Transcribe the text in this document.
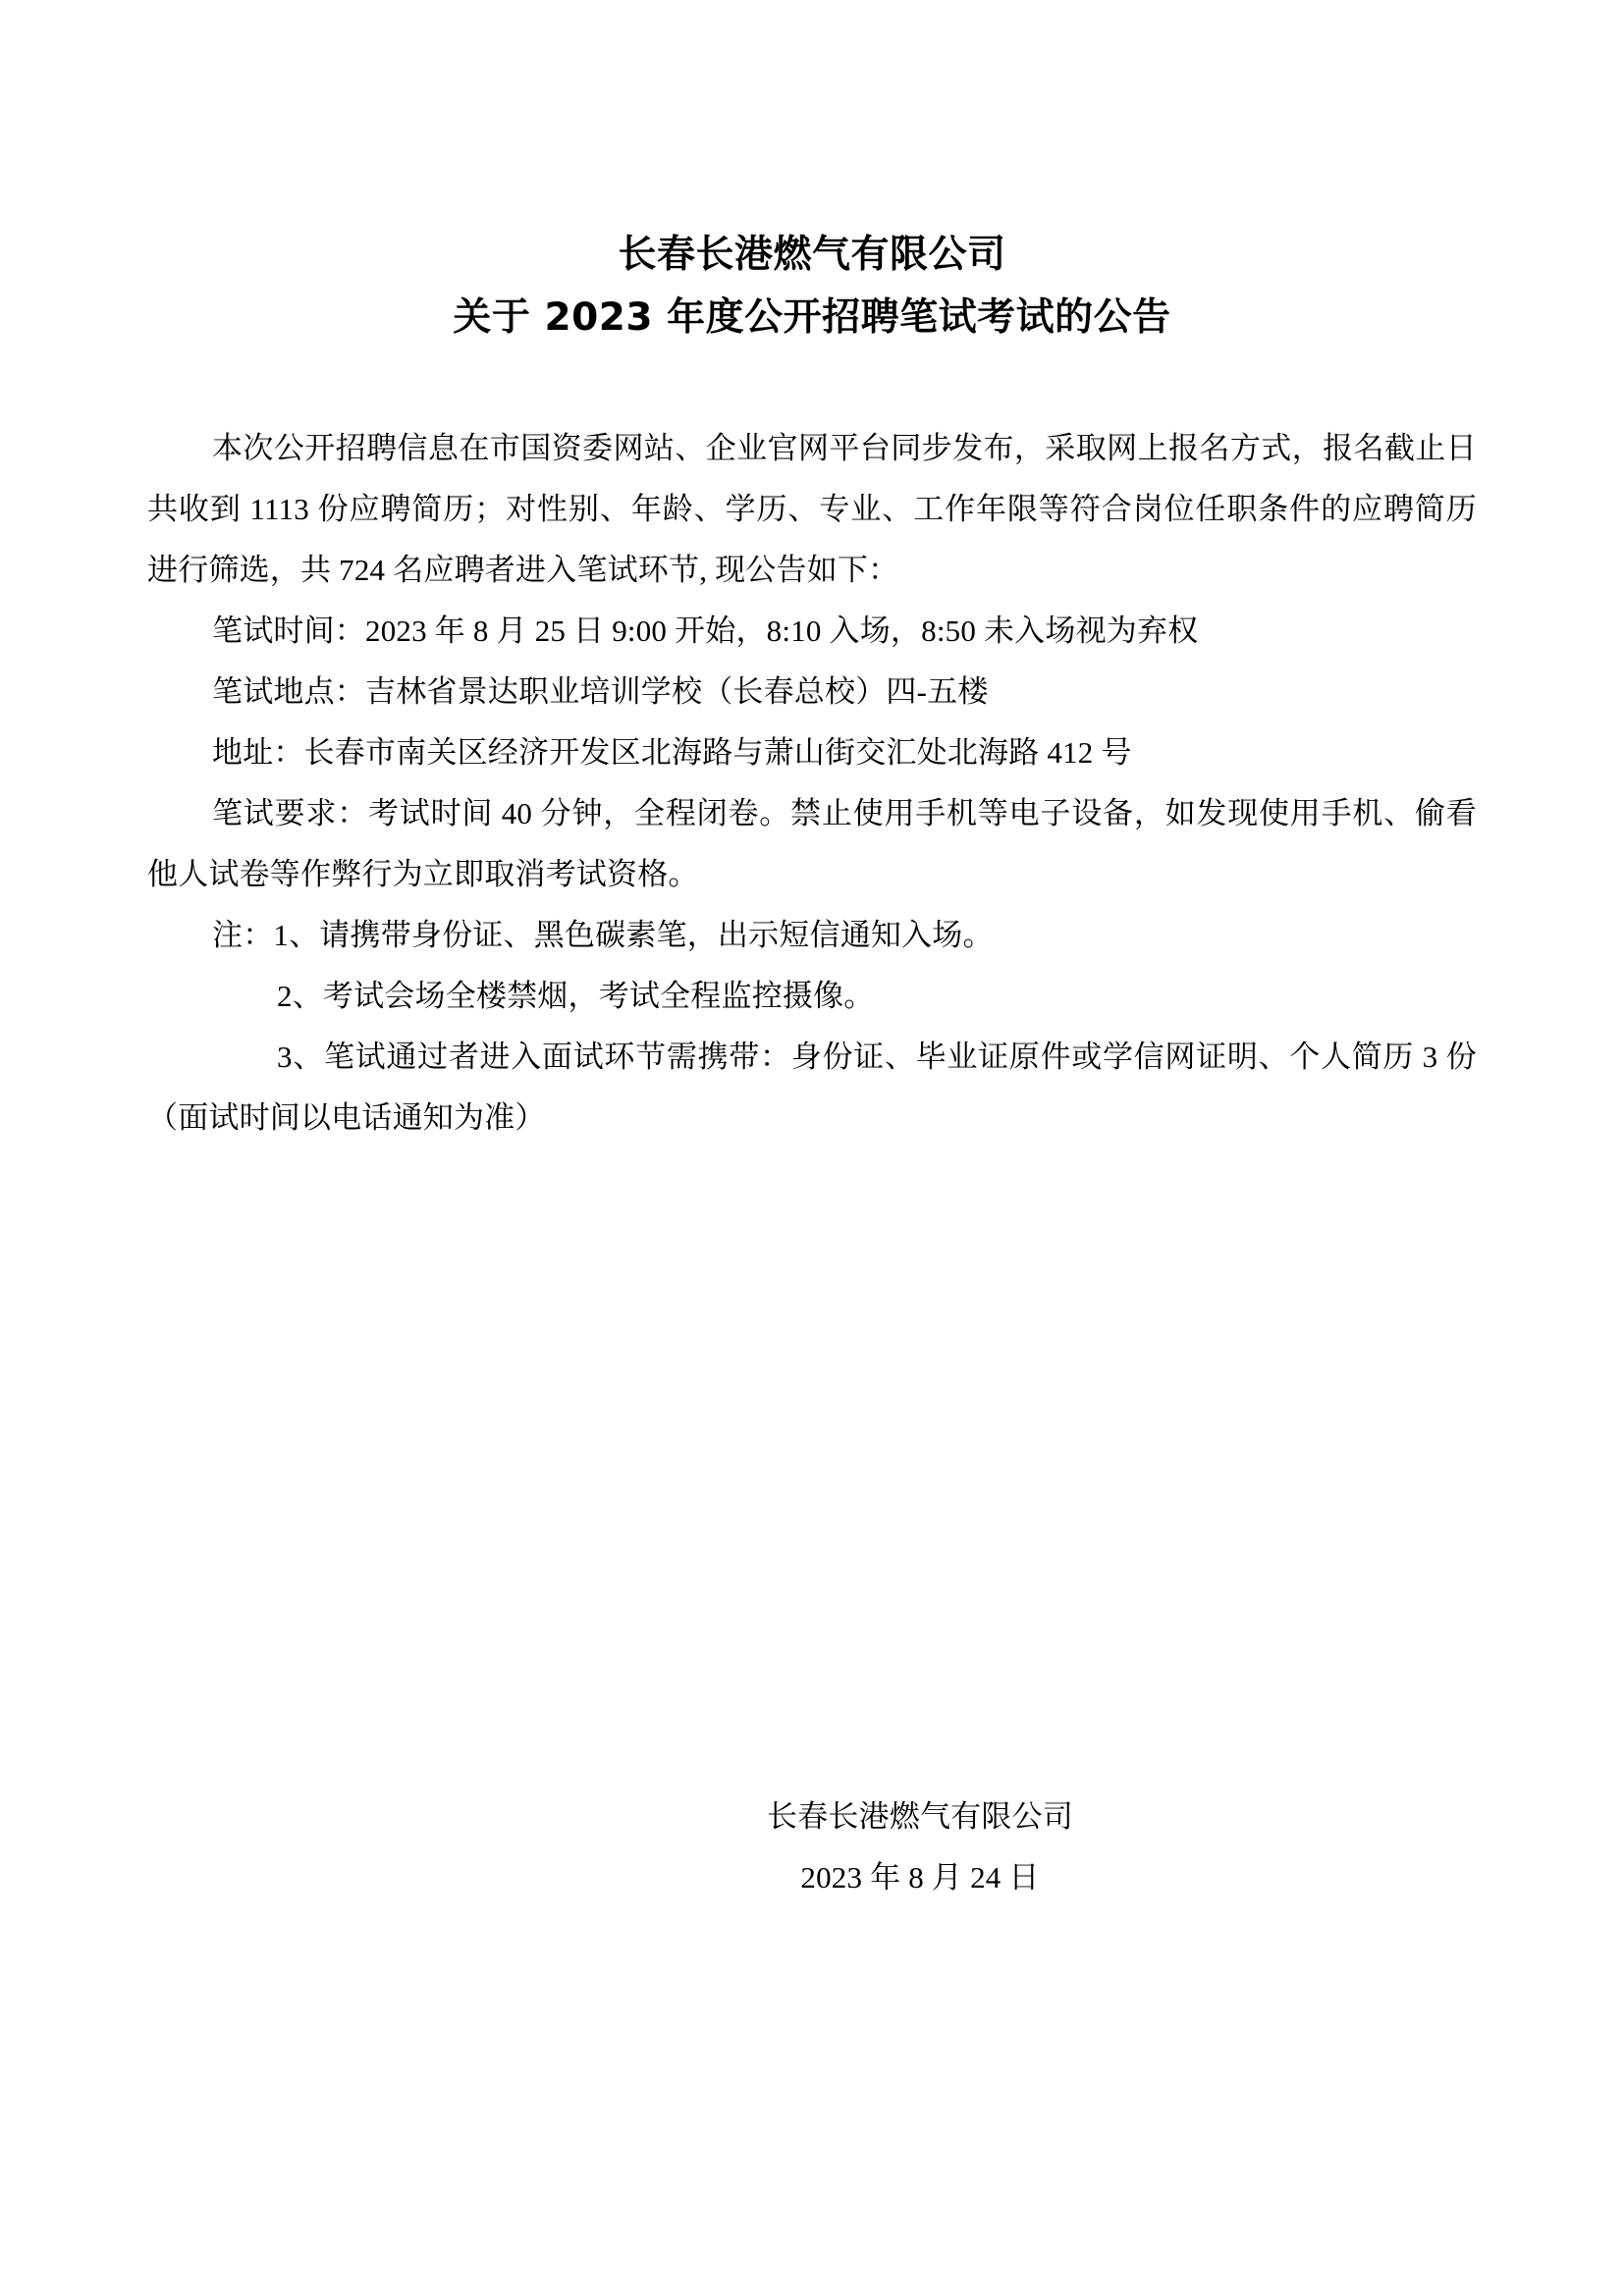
长春长港燃气有限公司
关于 2023 年度公开招聘笔试考试的公告

本次公开招聘信息在市国资委网站、企业官网平台同步发布，采取网上报名方式，报名截止日共收到 1113 份应聘简历；对性别、年龄、学历、专业、工作年限等符合岗位任职条件的应聘简历进行筛选，共 724 名应聘者进入笔试环节, 现公告如下：

笔试时间：2023 年 8 月 25 日 9:00 开始，8:10 入场，8:50 未入场视为弃权

笔试地点：吉林省景达职业培训学校（长春总校）四-五楼

地址：长春市南关区经济开发区北海路与萧山街交汇处北海路 412 号

笔试要求：考试时间 40 分钟，全程闭卷。禁止使用手机等电子设备，如发现使用手机、偷看他人试卷等作弊行为立即取消考试资格。

注：1、请携带身份证、黑色碳素笔，出示短信通知入场。

2、考试会场全楼禁烟，考试全程监控摄像。

3、笔试通过者进入面试环节需携带：身份证、毕业证原件或学信网证明、个人简历 3 份（面试时间以电话通知为准）

长春长港燃气有限公司
2023 年 8 月 24 日
